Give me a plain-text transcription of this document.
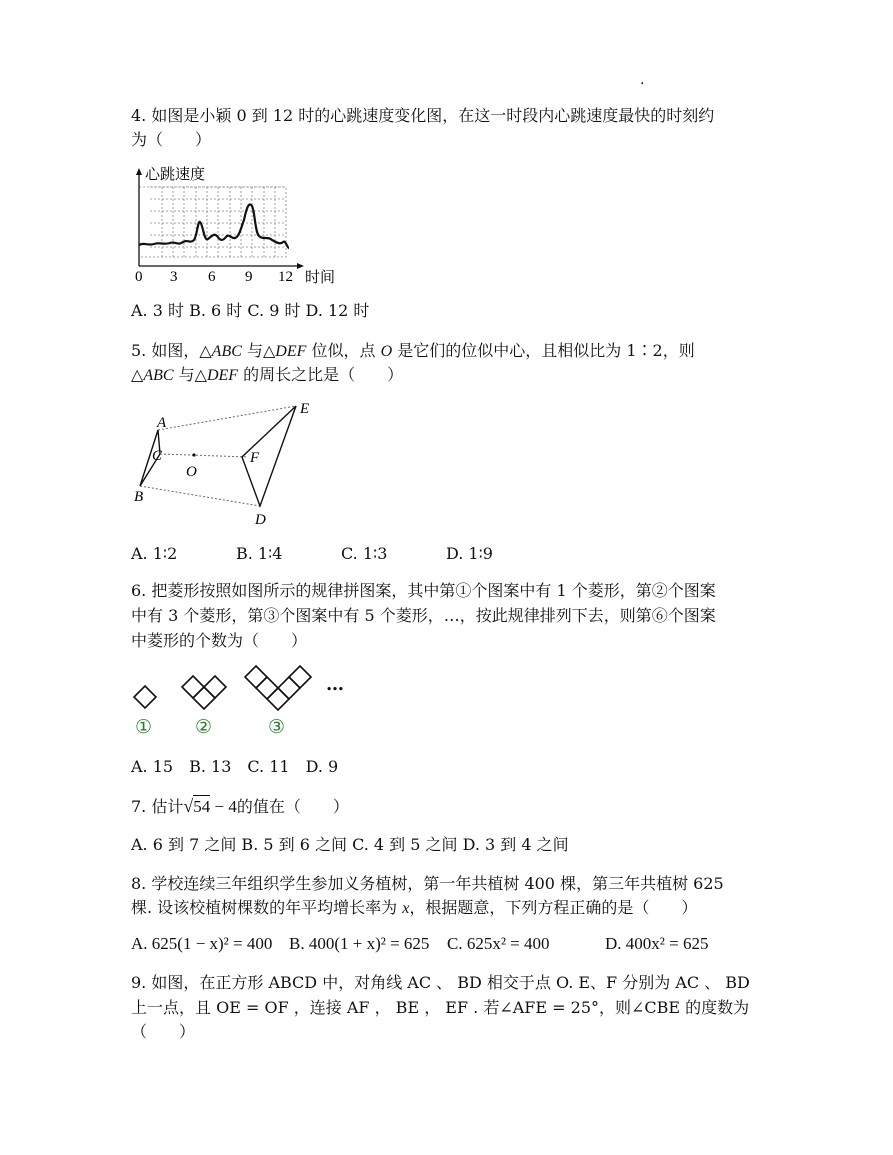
.
4. 如图是小颖 0 到 12 时的心跳速度变化图，在这一时段内心跳速度最快的时刻约
为（　　）
心跳速度
时间
0 3 6 9 12
A. 3 时 B. 6 时 C. 9 时 D. 12 时
5. 如图，△ABC 与△DEF 位似，点 O 是它们的位似中心，且相似比为 1∶2，则
△ABC 与△DEF 的周长之比是（　　）
A
B
C
O
E
F
D
A. 1∶2	B. 1∶4	C. 1∶3	D. 1∶9
6. 把菱形按照如图所示的规律拼图案，其中第①个图案中有 1 个菱形，第②个图案
中有 3 个菱形，第③个图案中有 5 个菱形，…，按此规律排列下去，则第⑥个图案
中菱形的个数为（　　）
…
① ②	③
A. 15　B. 13　C. 11　D. 9
7. 估计√54 − 4的值在（　　）
A. 6 到 7 之间 B. 5 到 6 之间 C. 4 到 5 之间 D. 3 到 4 之间
8. 学校连续三年组织学生参加义务植树，第一年共植树 400 棵，第三年共植树 625
棵. 设该校植树棵数的年平均增长率为 x，根据题意，下列方程正确的是（　　）
A. 625(1 − x)² = 400 B. 400(1 + x)² = 625 C. 625x² = 400	D. 400x² = 625
9. 如图，在正方形 ABCD 中，对角线 AC 、 BD 相交于点 O. E、F 分别为 AC 、 BD
上一点，且 OE = OF ，连接 AF ， BE ， EF . 若∠AFE = 25°，则∠CBE 的度数为
（　　）
